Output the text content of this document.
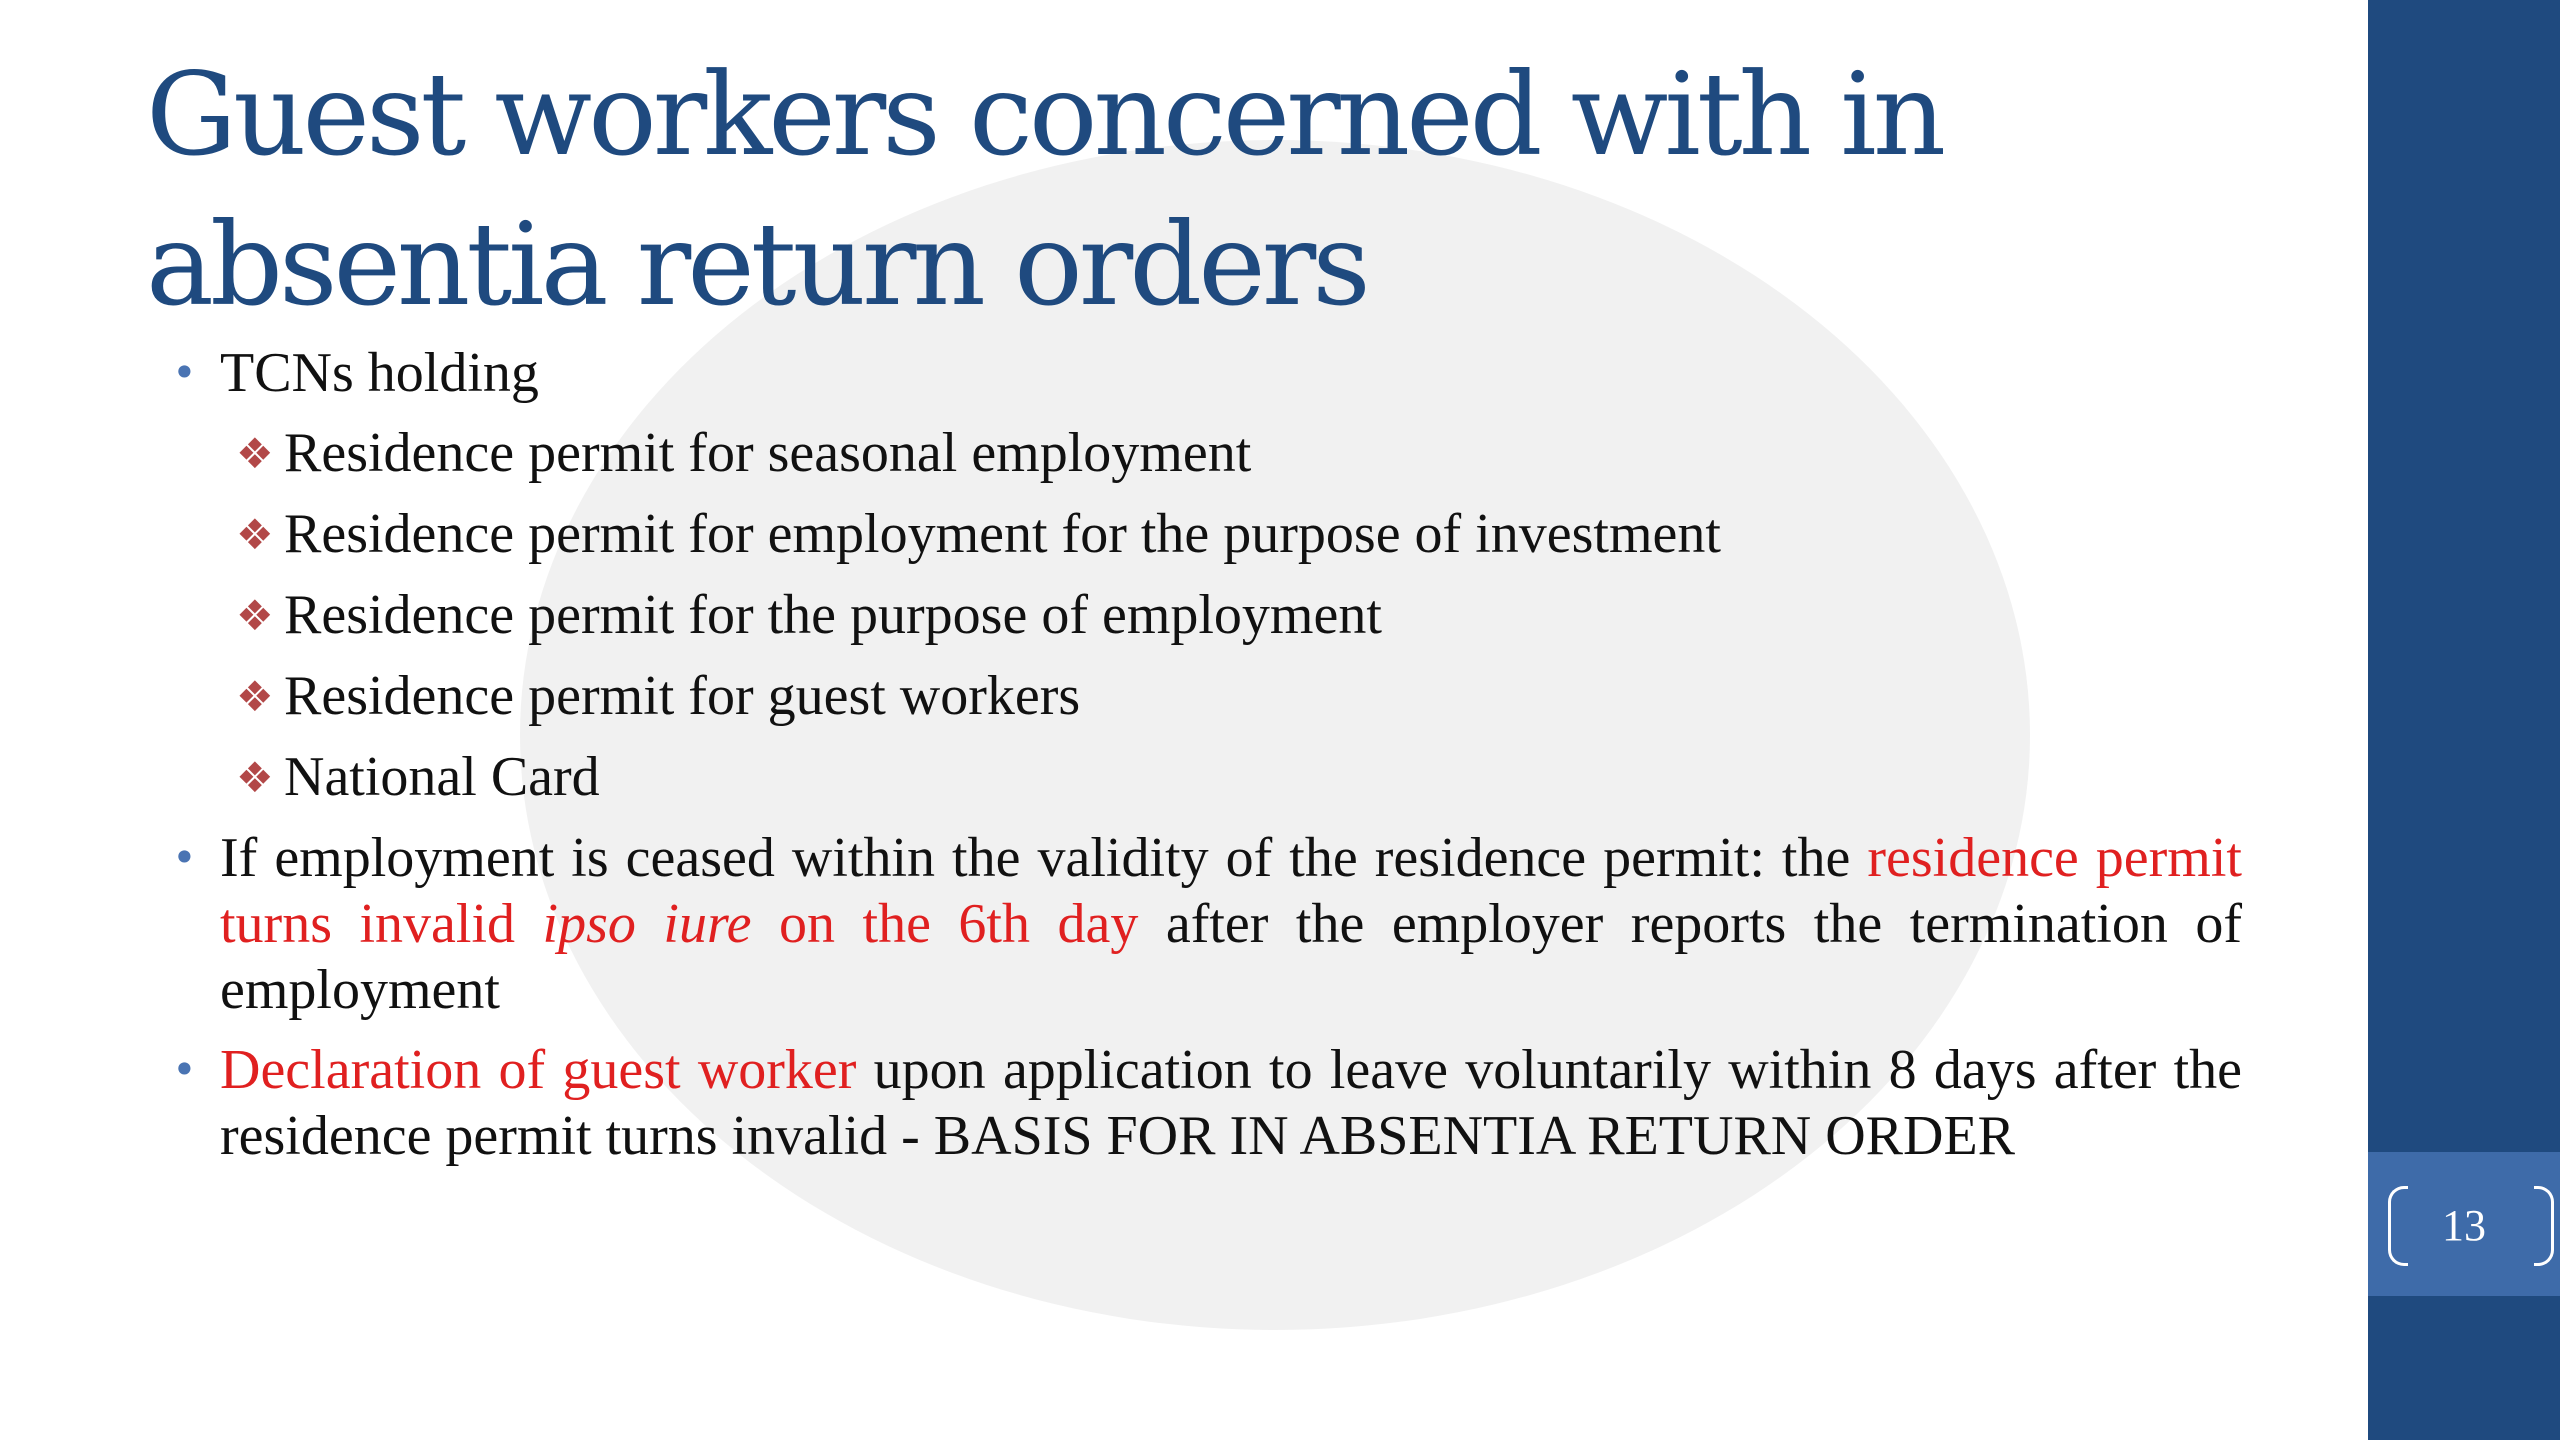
13
Guest workers concerned with in absentia return orders
• TCNs holding
❖ Residence permit for seasonal employment
❖ Residence permit for employment for the purpose of investment
❖ Residence permit for the purpose of employment
❖ Residence permit for guest workers
❖ National Card
• If employment is ceased within the validity of the residence permit: the residence permit turns invalid ipso iure on the 6th day after the employer reports the termination of employment
• Declaration of guest worker upon application to leave voluntarily within 8 days after the residence permit turns invalid - BASIS FOR IN ABSENTIA RETURN ORDER
